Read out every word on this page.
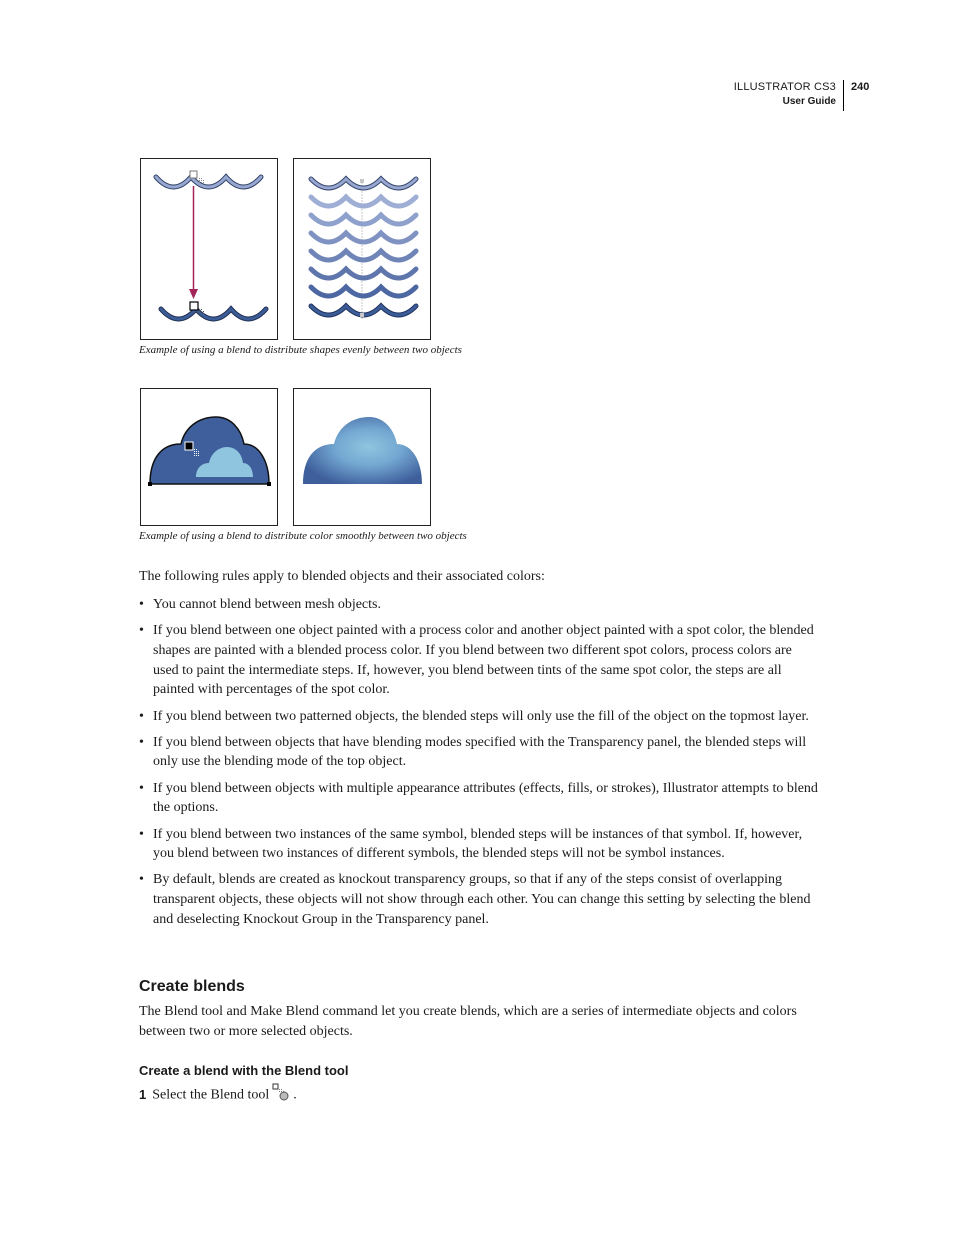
ILLUSTRATOR CS3
User Guide
240
Example of using a blend to distribute shapes evenly between two objects
Example of using a blend to distribute color smoothly between two objects
The following rules apply to blended objects and their associated colors:
• You cannot blend between mesh objects.
• If you blend between one object painted with a process color and another object painted with a spot color, the blended shapes are painted with a blended process color. If you blend between two different spot colors, process colors are used to paint the intermediate steps. If, however, you blend between tints of the same spot color, the steps are all painted with percentages of the spot color.
• If you blend between two patterned objects, the blended steps will only use the fill of the object on the topmost layer.
• If you blend between objects that have blending modes specified with the Transparency panel, the blended steps will only use the blending mode of the top object.
• If you blend between objects with multiple appearance attributes (effects, fills, or strokes), Illustrator attempts to blend the options.
• If you blend between two instances of the same symbol, blended steps will be instances of that symbol. If, however, you blend between two instances of different symbols, the blended steps will not be symbol instances.
• By default, blends are created as knockout transparency groups, so that if any of the steps consist of overlapping transparent objects, these objects will not show through each other. You can change this setting by selecting the blend and deselecting Knockout Group in the Transparency panel.
Create blends
The Blend tool and Make Blend command let you create blends, which are a series of intermediate objects and colors between two or more selected objects.
Create a blend with the Blend tool
1 Select the Blend tool .
